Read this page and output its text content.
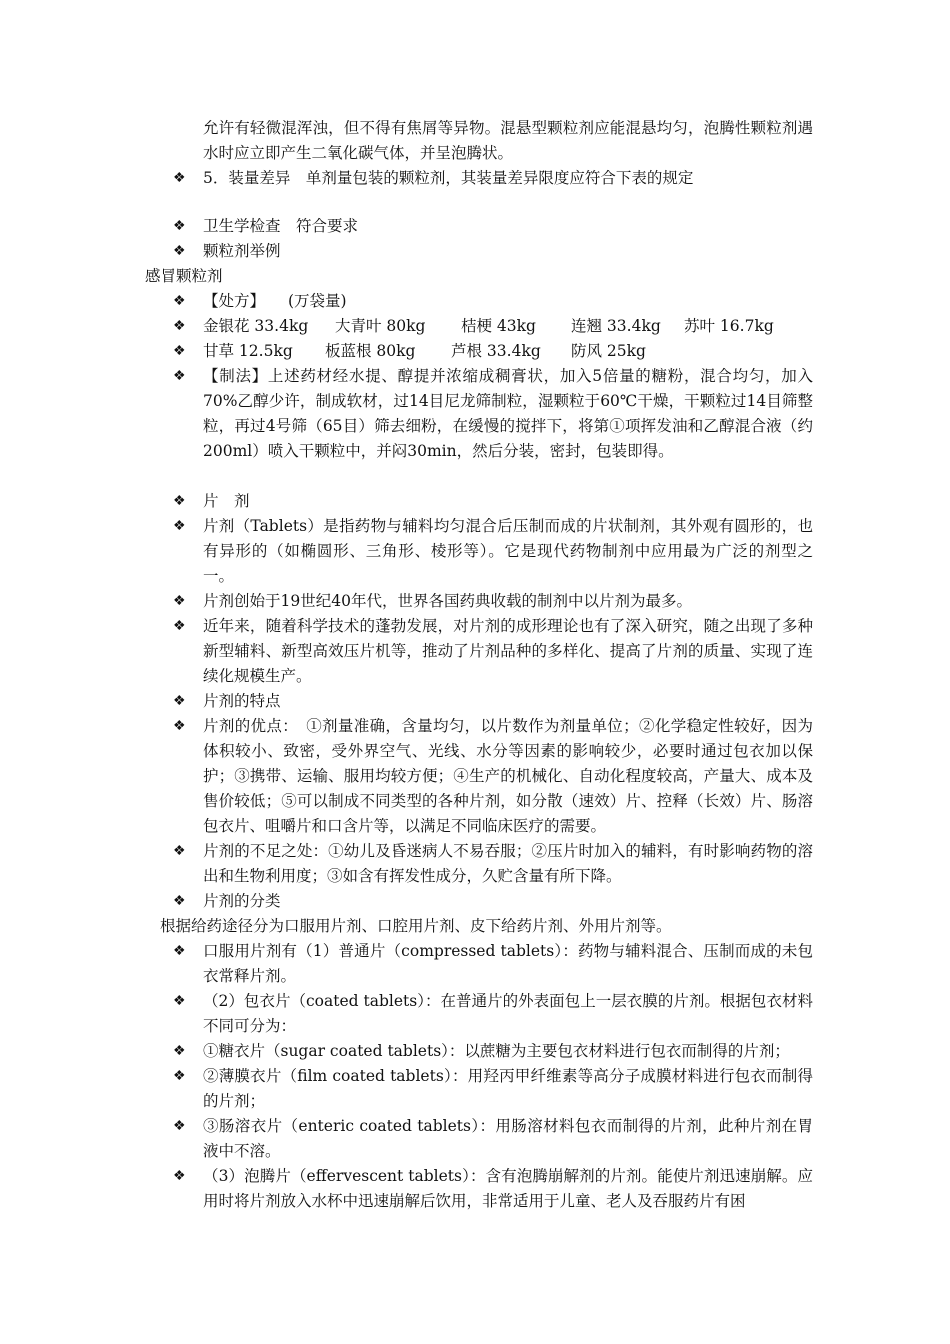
允许有轻微混浑浊，但不得有焦屑等异物。混悬型颗粒剂应能混悬均匀，泡腾性颗粒剂遇水时应立即产生二氧化碳气体，并呈泡腾状。
❖	5．装量差异　单剂量包装的颗粒剂，其装量差异限度应符合下表的规定
❖	卫生学检查　符合要求
❖	颗粒剂举例
感冒颗粒剂
❖	【处方】 (万袋量)
❖	金银花 33.4kg 大青叶 80kg 桔梗 43kg 连翘 33.4kg 苏叶 16.7kg
❖	甘草 12.5kg 板蓝根 80kg 芦根 33.4kg 防风 25kg
❖	【制法】上述药材经水提、醇提并浓缩成稠膏状，加入5倍量的糖粉，混合均匀，加入70%乙醇少许，制成软材，过14目尼龙筛制粒，湿颗粒于60℃干燥，干颗粒过14目筛整粒，再过4号筛（65目）筛去细粉，在缓慢的搅拌下，将第①项挥发油和乙醇混合液（约200ml）喷入干颗粒中，并闷30min，然后分装，密封，包装即得。
❖	片　剂
❖	片剂（Tablets）是指药物与辅料均匀混合后压制而成的片状制剂，其外观有圆形的，也有异形的（如椭圆形、三角形、棱形等）。它是现代药物制剂中应用最为广泛的剂型之一。
❖	片剂创始于19世纪40年代，世界各国药典收载的制剂中以片剂为最多。
❖	近年来，随着科学技术的蓬勃发展，对片剂的成形理论也有了深入研究，随之出现了多种新型辅料、新型高效压片机等，推动了片剂品种的多样化、提高了片剂的质量、实现了连续化规模生产。
❖	片剂的特点
❖	片剂的优点：　①剂量准确，含量均匀，以片数作为剂量单位；②化学稳定性较好，因为体积较小、致密，受外界空气、光线、水分等因素的影响较少，必要时通过包衣加以保护；③携带、运输、服用均较方便；④生产的机械化、自动化程度较高，产量大、成本及售价较低；⑤可以制成不同类型的各种片剂，如分散（速效）片、控释（长效）片、肠溶包衣片、咀嚼片和口含片等，以满足不同临床医疗的需要。
❖	片剂的不足之处：①幼儿及昏迷病人不易吞服；②压片时加入的辅料，有时影响药物的溶出和生物利用度；③如含有挥发性成分，久贮含量有所下降。
❖	片剂的分类
根据给药途径分为口服用片剂、口腔用片剂、皮下给药片剂、外用片剂等。
❖	口服用片剂有（1）普通片（compressed tablets）：药物与辅料混合、压制而成的未包衣常释片剂。
❖	（2）包衣片（coated tablets）：在普通片的外表面包上一层衣膜的片剂。根据包衣材料不同可分为：
❖	①糖衣片（sugar coated tablets）：以蔗糖为主要包衣材料进行包衣而制得的片剂；
❖	②薄膜衣片（film coated tablets）：用羟丙甲纤维素等高分子成膜材料进行包衣而制得的片剂；
❖	③肠溶衣片（enteric coated tablets）：用肠溶材料包衣而制得的片剂，此种片剂在胃液中不溶。
❖	（3）泡腾片（effervescent tablets）：含有泡腾崩解剂的片剂。能使片剂迅速崩解。应用时将片剂放入水杯中迅速崩解后饮用，非常适用于儿童、老人及吞服药片有困
